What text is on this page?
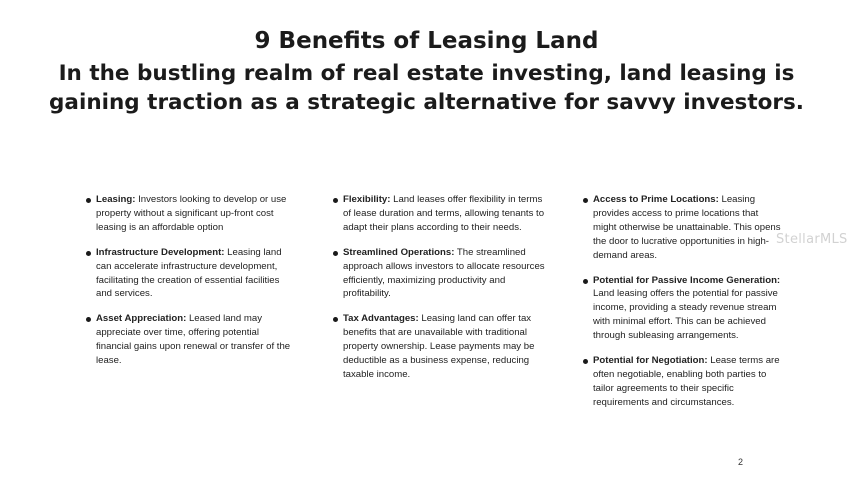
9 Benefits of Leasing Land
In the bustling realm of real estate investing, land leasing is gaining traction as a strategic alternative for savvy investors.
Leasing: Investors looking to develop or use property without a significant up-front cost leasing is an affordable option
Infrastructure Development: Leasing land can accelerate infrastructure development, facilitating the creation of essential facilities and services.
Asset Appreciation: Leased land may appreciate over time, offering potential financial gains upon renewal or transfer of the lease.
Flexibility: Land leases offer flexibility in terms of lease duration and terms, allowing tenants to adapt their plans according to their needs.
Streamlined Operations: The streamlined approach allows investors to allocate resources efficiently, maximizing productivity and profitability.
Tax Advantages: Leasing land can offer tax benefits that are unavailable with traditional property ownership. Lease payments may be deductible as a business expense, reducing taxable income.
Access to Prime Locations: Leasing provides access to prime locations that might otherwise be unattainable. This opens the door to lucrative opportunities in high-demand areas.
Potential for Passive Income Generation: Land leasing offers the potential for passive income, providing a steady revenue stream with minimal effort. This can be achieved through subleasing arrangements.
Potential for Negotiation: Lease terms are often negotiable, enabling both parties to tailor agreements to their specific requirements and circumstances.
StellarMLS
2
